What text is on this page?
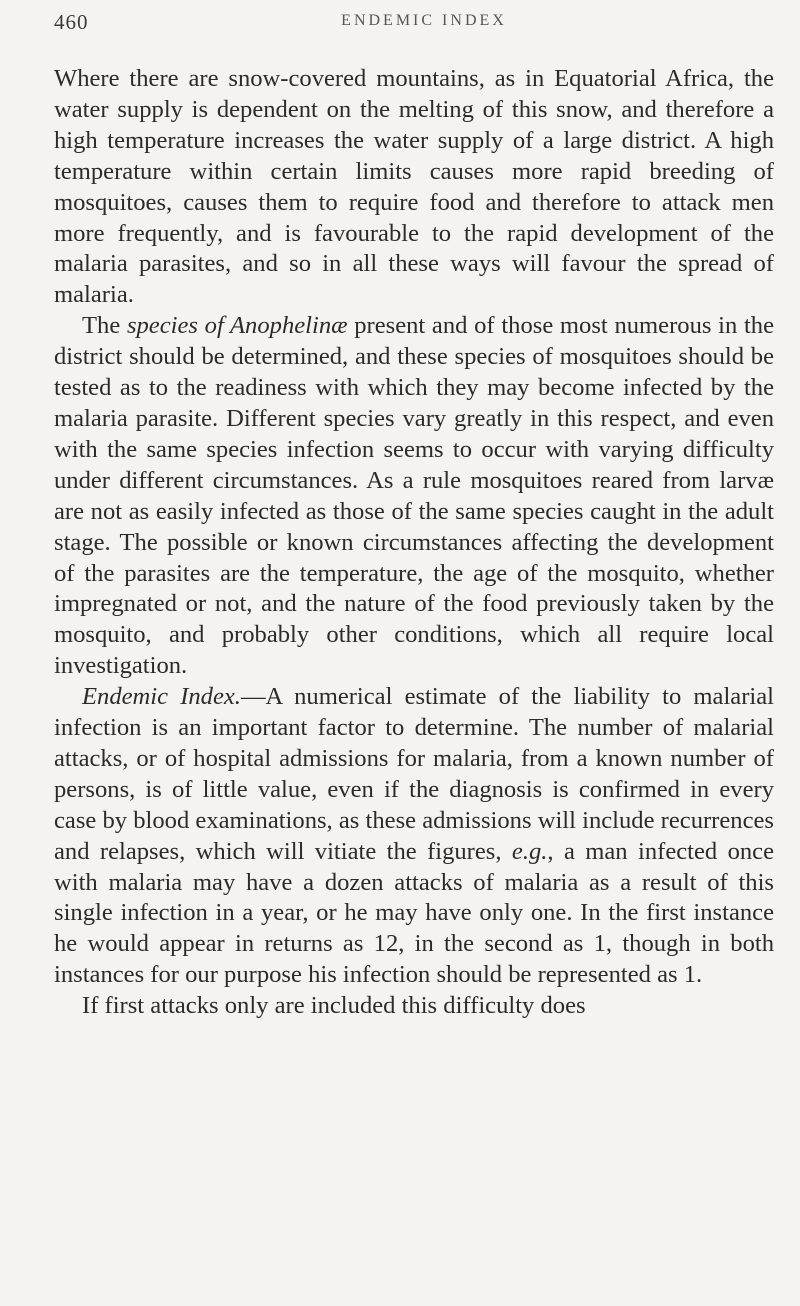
460	ENDEMIC INDEX

Where there are snow-covered mountains, as in Equatorial Africa, the water supply is dependent on the melting of this snow, and therefore a high temperature increases the water supply of a large district. A high temperature within certain limits causes more rapid breeding of mosquitoes, causes them to require food and therefore to attack men more frequently, and is favourable to the rapid development of the malaria parasites, and so in all these ways will favour the spread of malaria.

The species of Anophelinæ present and of those most numerous in the district should be determined, and these species of mosquitoes should be tested as to the readiness with which they may become infected by the malaria parasite. Different species vary greatly in this respect, and even with the same species infection seems to occur with varying difficulty under different circumstances. As a rule mosquitoes reared from larvæ are not as easily infected as those of the same species caught in the adult stage. The possible or known circumstances affecting the development of the parasites are the temperature, the age of the mosquito, whether impregnated or not, and the nature of the food previously taken by the mosquito, and probably other conditions, which all require local investigation.

Endemic Index.—A numerical estimate of the liability to malarial infection is an important factor to determine. The number of malarial attacks, or of hospital admissions for malaria, from a known number of persons, is of little value, even if the diagnosis is confirmed in every case by blood examinations, as these admissions will include recurrences and relapses, which will vitiate the figures, e.g., a man infected once with malaria may have a dozen attacks of malaria as a result of this single infection in a year, or he may have only one. In the first instance he would appear in returns as 12, in the second as 1, though in both instances for our purpose his infection should be represented as 1.

If first attacks only are included this difficulty does
